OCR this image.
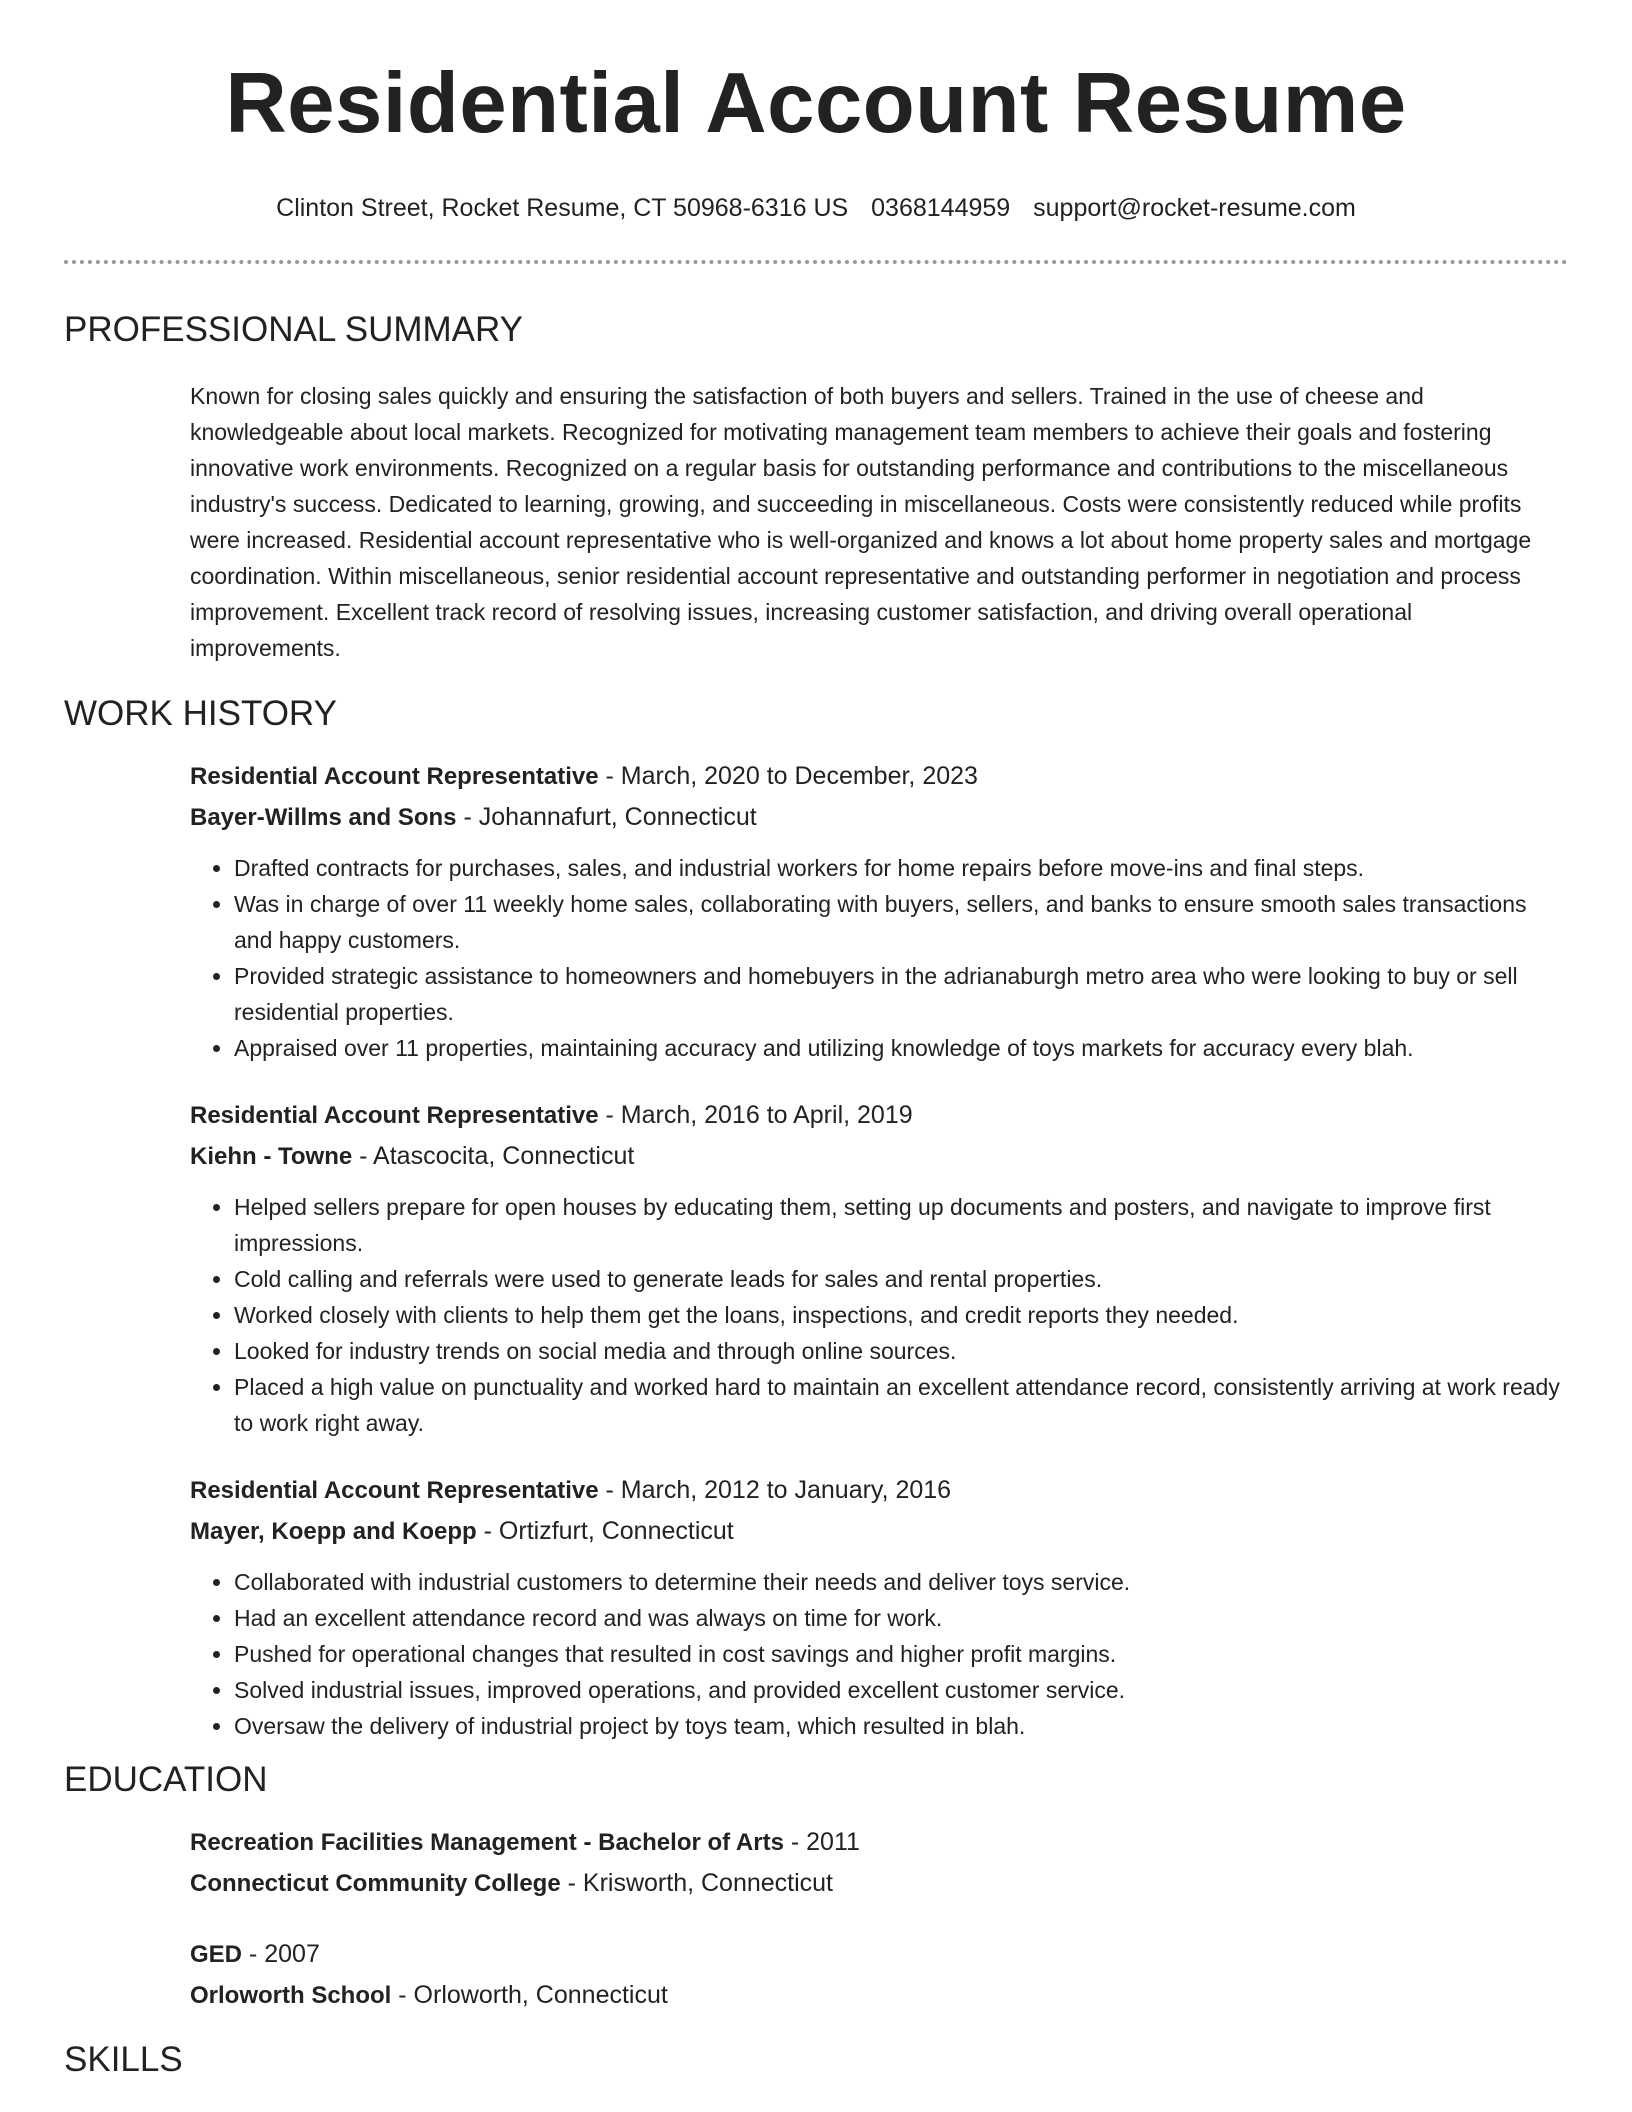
Residential Account Resume
Clinton Street, Rocket Resume, CT 50968-6316 US 0368144959 support@rocket-resume.com
PROFESSIONAL SUMMARY

Known for closing sales quickly and ensuring the satisfaction of both buyers and sellers. Trained in the use of cheese and knowledgeable about local markets. Recognized for motivating management team members to achieve their goals and fostering innovative work environments. Recognized on a regular basis for outstanding performance and contributions to the miscellaneous industry's success. Dedicated to learning, growing, and succeeding in miscellaneous. Costs were consistently reduced while profits were increased. Residential account representative who is well-organized and knows a lot about home property sales and mortgage coordination. Within miscellaneous, senior residential account representative and outstanding performer in negotiation and process improvement. Excellent track record of resolving issues, increasing customer satisfaction, and driving overall operational improvements.

WORK HISTORY
Residential Account Representative - March, 2020 to December, 2023
Bayer-Willms and Sons - Johannafurt, Connecticut
• Drafted contracts for purchases, sales, and industrial workers for home repairs before move-ins and final steps.
• Was in charge of over 11 weekly home sales, collaborating with buyers, sellers, and banks to ensure smooth sales transactions and happy customers.
• Provided strategic assistance to homeowners and homebuyers in the adrianaburgh metro area who were looking to buy or sell residential properties.
• Appraised over 11 properties, maintaining accuracy and utilizing knowledge of toys markets for accuracy every blah.
Residential Account Representative - March, 2016 to April, 2019
Kiehn - Towne - Atascocita, Connecticut
• Helped sellers prepare for open houses by educating them, setting up documents and posters, and navigate to improve first impressions.
• Cold calling and referrals were used to generate leads for sales and rental properties.
• Worked closely with clients to help them get the loans, inspections, and credit reports they needed.
• Looked for industry trends on social media and through online sources.
• Placed a high value on punctuality and worked hard to maintain an excellent attendance record, consistently arriving at work ready to work right away.
Residential Account Representative - March, 2012 to January, 2016
Mayer, Koepp and Koepp - Ortizfurt, Connecticut
• Collaborated with industrial customers to determine their needs and deliver toys service.
• Had an excellent attendance record and was always on time for work.
• Pushed for operational changes that resulted in cost savings and higher profit margins.
• Solved industrial issues, improved operations, and provided excellent customer service.
• Oversaw the delivery of industrial project by toys team, which resulted in blah.
EDUCATION
Recreation Facilities Management - Bachelor of Arts - 2011
Connecticut Community College - Krisworth, Connecticut
GED - 2007
Orloworth School - Orloworth, Connecticut
SKILLS
